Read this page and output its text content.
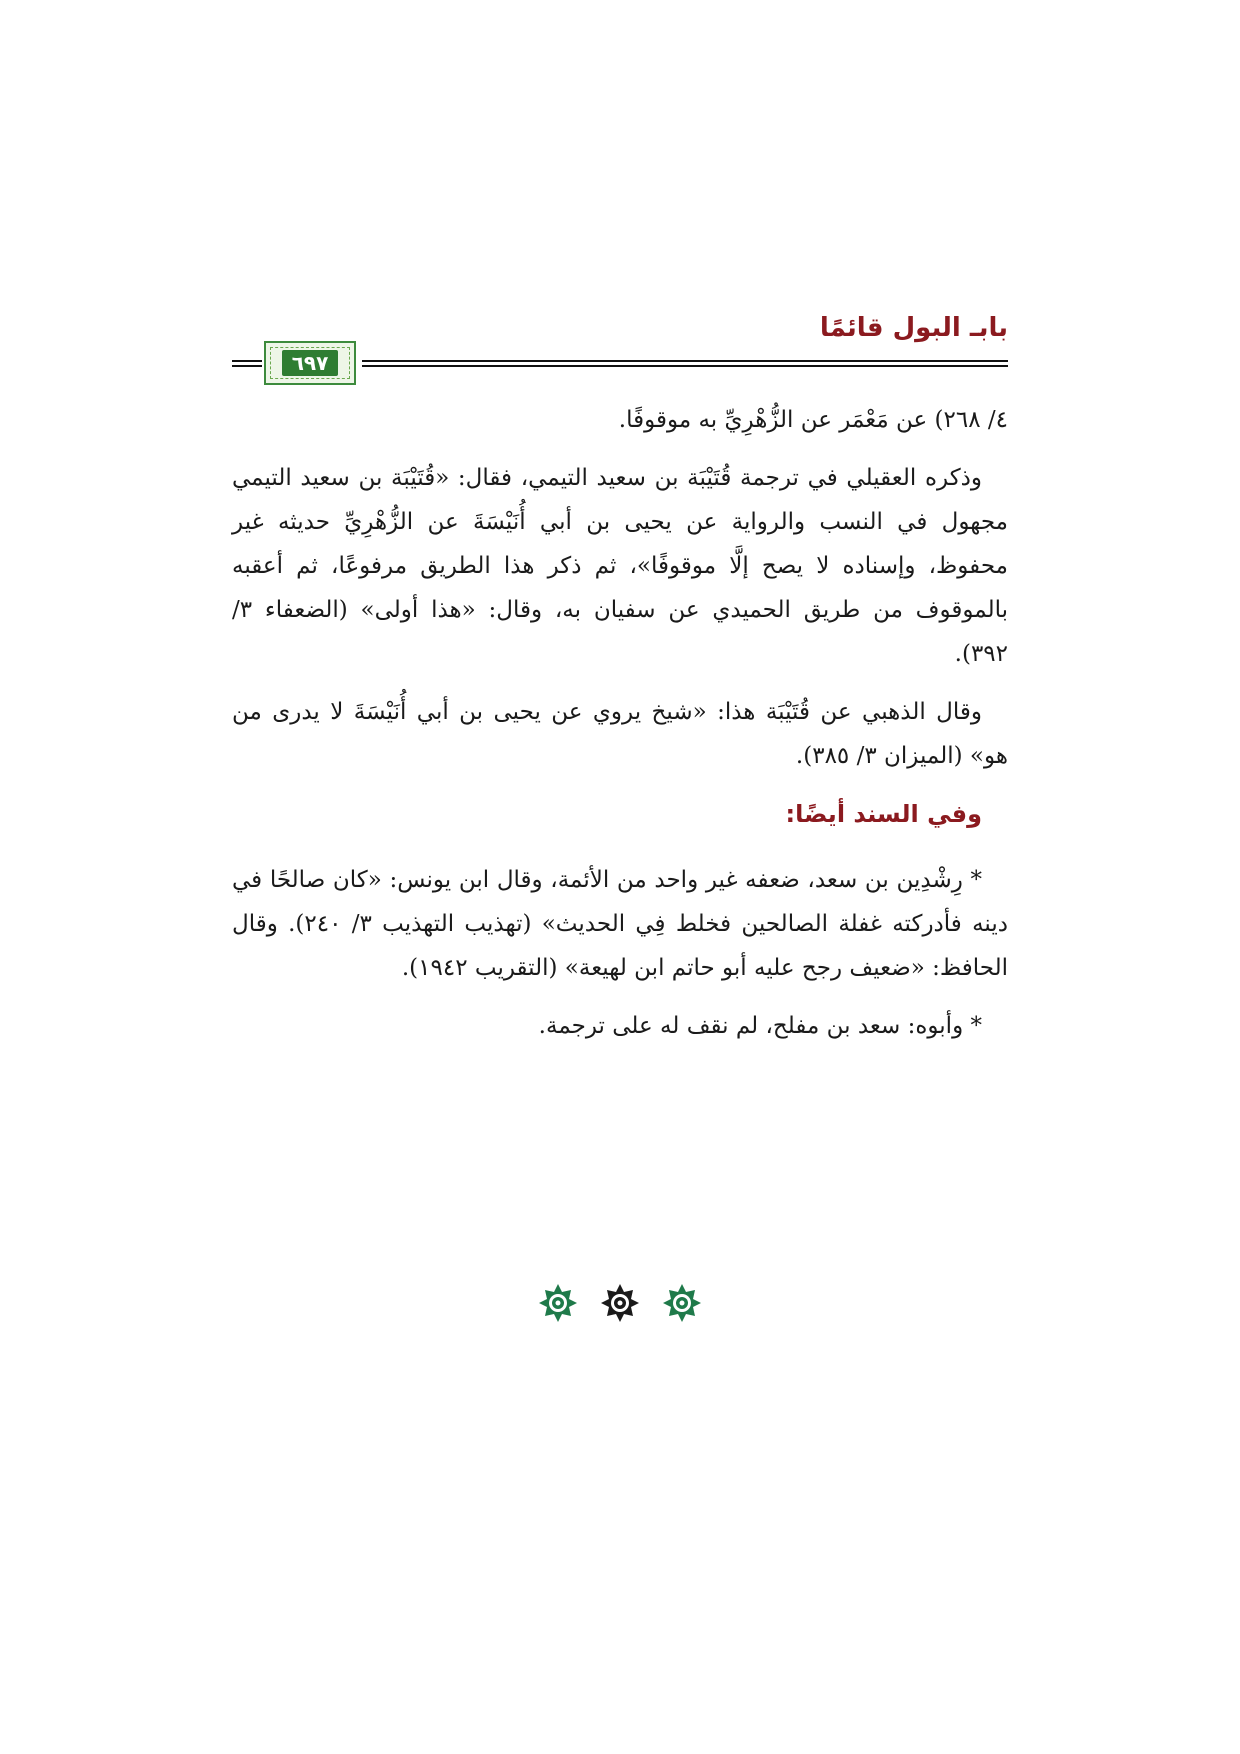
بابـ البول قائمًا
٦٩٧

٤/ ٢٦٨) عن مَعْمَر عن الزُّهْرِيِّ به موقوفًا.

وذكره العقيلي في ترجمة قُتَيْبَة بن سعيد التيمي، فقال: «قُتَيْبَة بن سعيد التيمي مجهول في النسب والرواية عن يحيى بن أبي أُنَيْسَةَ عن الزُّهْرِيِّ حديثه غير محفوظ، وإسناده لا يصح إلَّا موقوفًا»، ثم ذكر هذا الطريق مرفوعًا، ثم أعقبه بالموقوف من طريق الحميدي عن سفيان به، وقال: «هذا أولى» (الضعفاء ٣/ ٣٩٢).

وقال الذهبي عن قُتَيْبَة هذا: «شيخ يروي عن يحيى بن أبي أُنَيْسَةَ لا يدرى من هو» (الميزان ٣/ ٣٨٥).

وفي السند أيضًا:

* رِشْدِين بن سعد، ضعفه غير واحد من الأئمة، وقال ابن يونس: «كان صالحًا في دينه فأدركته غفلة الصالحين فخلط فِي الحديث» (تهذيب التهذيب ٣/ ٢٤٠). وقال الحافظ: «ضعيف رجح عليه أبو حاتم ابن لهيعة» (التقريب ١٩٤٢).

* وأبوه: سعد بن مفلح، لم نقف له على ترجمة.
